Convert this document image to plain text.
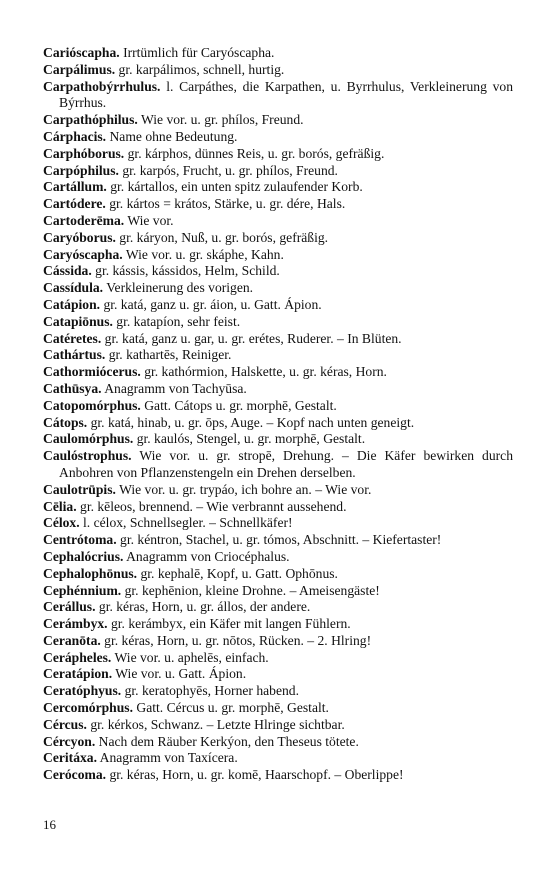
Carióscapha. Irrtümlich für Caryóscapha.
Carpálimus. gr. karpálimos, schnell, hurtig.
Carpathobýrrhulus. l. Carpáthes, die Karpathen, u. Byrrhulus, Verkleinerung von Býrrhus.
Carpathóphilus. Wie vor. u. gr. phílos, Freund.
Cárphacis. Name ohne Bedeutung.
Carphóborus. gr. kárphos, dünnes Reis, u. gr. borós, gefräßig.
Carpóphilus. gr. karpós, Frucht, u. gr. phílos, Freund.
Cartállum. gr. kártallos, ein unten spitz zulaufender Korb.
Cartódere. gr. kártos = krátos, Stärke, u. gr. dére, Hals.
Cartoderēma. Wie vor.
Caryóborus. gr. káryon, Nuß, u. gr. borós, gefräßig.
Caryóscapha. Wie vor. u. gr. skáphe, Kahn.
Cássida. gr. kássis, kássidos, Helm, Schild.
Cassídula. Verkleinerung des vorigen.
Catápion. gr. katá, ganz u. gr. áion, u. Gatt. Ápion.
Catapiōnus. gr. katapíon, sehr feist.
Catéretes. gr. katá, ganz u. gar, u. gr. erétes, Ruderer. – In Blüten.
Cathártus. gr. kathartēs, Reiniger.
Cathormiócerus. gr. kathórmion, Halskette, u. gr. kéras, Horn.
Cathūsya. Anagramm von Tachyūsa.
Catopomórphus. Gatt. Cátops u. gr. morphē, Gestalt.
Cátops. gr. katá, hinab, u. gr. ōps, Auge. – Kopf nach unten geneigt.
Caulomórphus. gr. kaulós, Stengel, u. gr. morphē, Gestalt.
Caulóstrophus. Wie vor. u. gr. stropē, Drehung. – Die Käfer bewirken durch Anbohren von Pflanzenstengeln ein Drehen derselben.
Caulotrūpis. Wie vor. u. gr. trypáo, ich bohre an. – Wie vor.
Cēlia. gr. kēleos, brennend. – Wie verbrannt aussehend.
Célox. l. célox, Schnellsegler. – Schnellkäfer!
Centrótoma. gr. kéntron, Stachel, u. gr. tómos, Abschnitt. – Kiefertaster!
Cephalócrius. Anagramm von Criocéphalus.
Cephalophōnus. gr. kephalē, Kopf, u. Gatt. Ophōnus.
Cephénnium. gr. kephēnion, kleine Drohne. – Ameisengäste!
Cerállus. gr. kéras, Horn, u. gr. állos, der andere.
Cerámbyx. gr. kerámbyx, ein Käfer mit langen Fühlern.
Ceranōta. gr. kéras, Horn, u. gr. nōtos, Rücken. – 2. Hlring!
Cerápheles. Wie vor. u. aphelēs, einfach.
Ceratápion. Wie vor. u. Gatt. Ápion.
Ceratóphyus. gr. keratophyēs, Horner habend.
Cercomórphus. Gatt. Cércus u. gr. morphē, Gestalt.
Cércus. gr. kérkos, Schwanz. – Letzte Hlringe sichtbar.
Cércyon. Nach dem Räuber Kerkýon, den Theseus tötete.
Ceritáxa. Anagramm von Taxícera.
Cerócoma. gr. kéras, Horn, u. gr. komē, Haarschopf. – Oberlippe!
16
